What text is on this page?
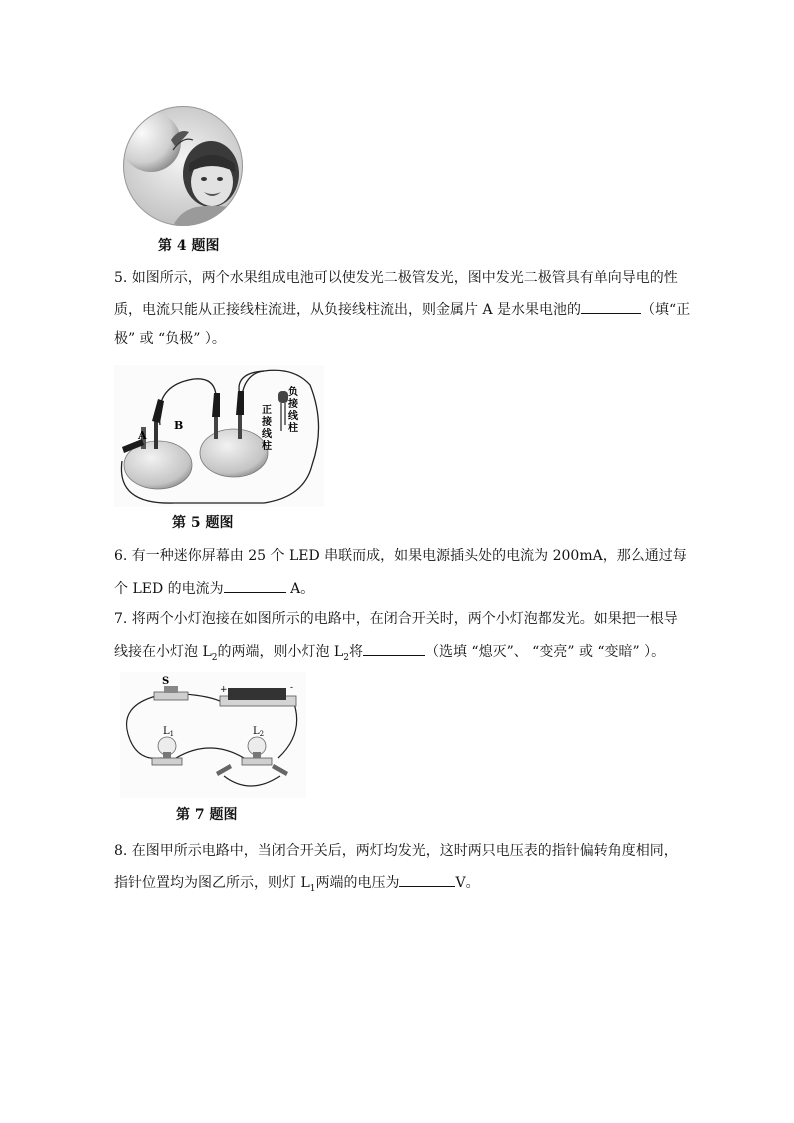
第 4 题图
5. 如图所示，两个水果组成电池可以使发光二极管发光，图中发光二极管具有单向导电的性
质，电流只能从正接线柱流进，从负接线柱流出，则金属片 A 是水果电池的	（填“正
极” 或 “负极” ）。
A
B
负接线柱
正接线柱
第 5 题图
6. 有一种迷你屏幕由 25 个 LED 串联而成，如果电源插头处的电流为 200mA，那么通过每
个 LED 的电流为	A。
7. 将两个小灯泡接在如图所示的电路中，在闭合开关时，两个小灯泡都发光。如果把一根导
线接在小灯泡 $L_2$的两端，则小灯泡 $L_2$将	（选填 “熄灭”、 “变亮” 或 “变暗” ）。
S
+	-
$L_1$	$L_2$
第 7 题图
8. 在图甲所示电路中，当闭合开关后，两灯均发光，这时两只电压表的指针偏转角度相同，
指针位置均为图乙所示，则灯 $L_1$两端的电压为	V。
